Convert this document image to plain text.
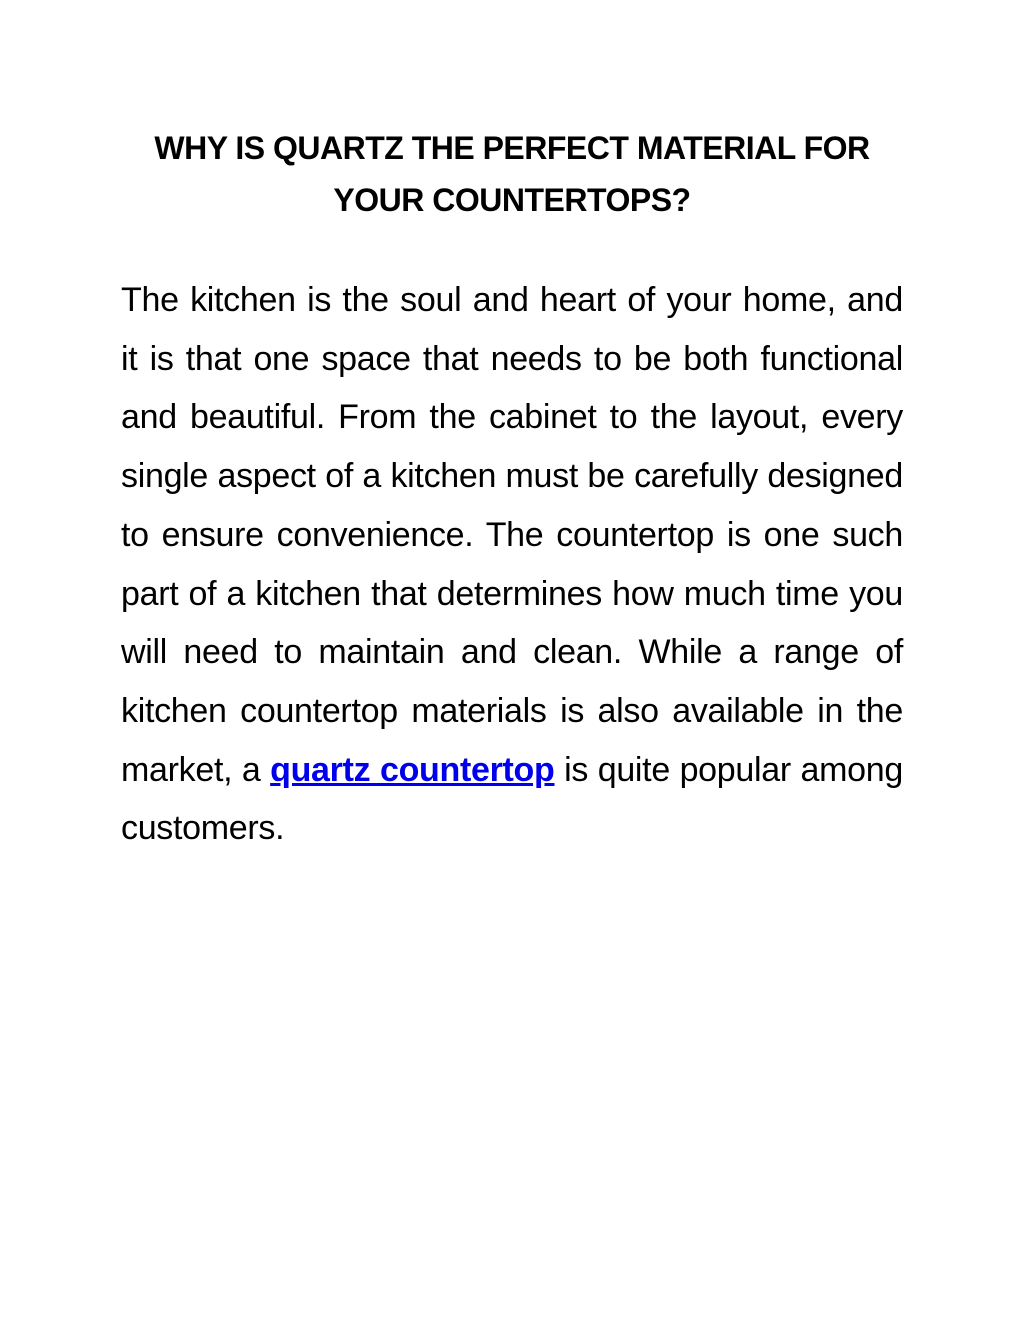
WHY IS QUARTZ THE PERFECT MATERIAL FOR
YOUR COUNTERTOPS?

The kitchen is the soul and heart of your home, and it is that one space that needs to be both functional and beautiful. From the cabinet to the layout, every single aspect of a kitchen must be carefully designed to ensure convenience. The countertop is one such part of a kitchen that determines how much time you will need to maintain and clean. While a range of kitchen countertop materials is also available in the market, a quartz countertop is quite popular among customers.
